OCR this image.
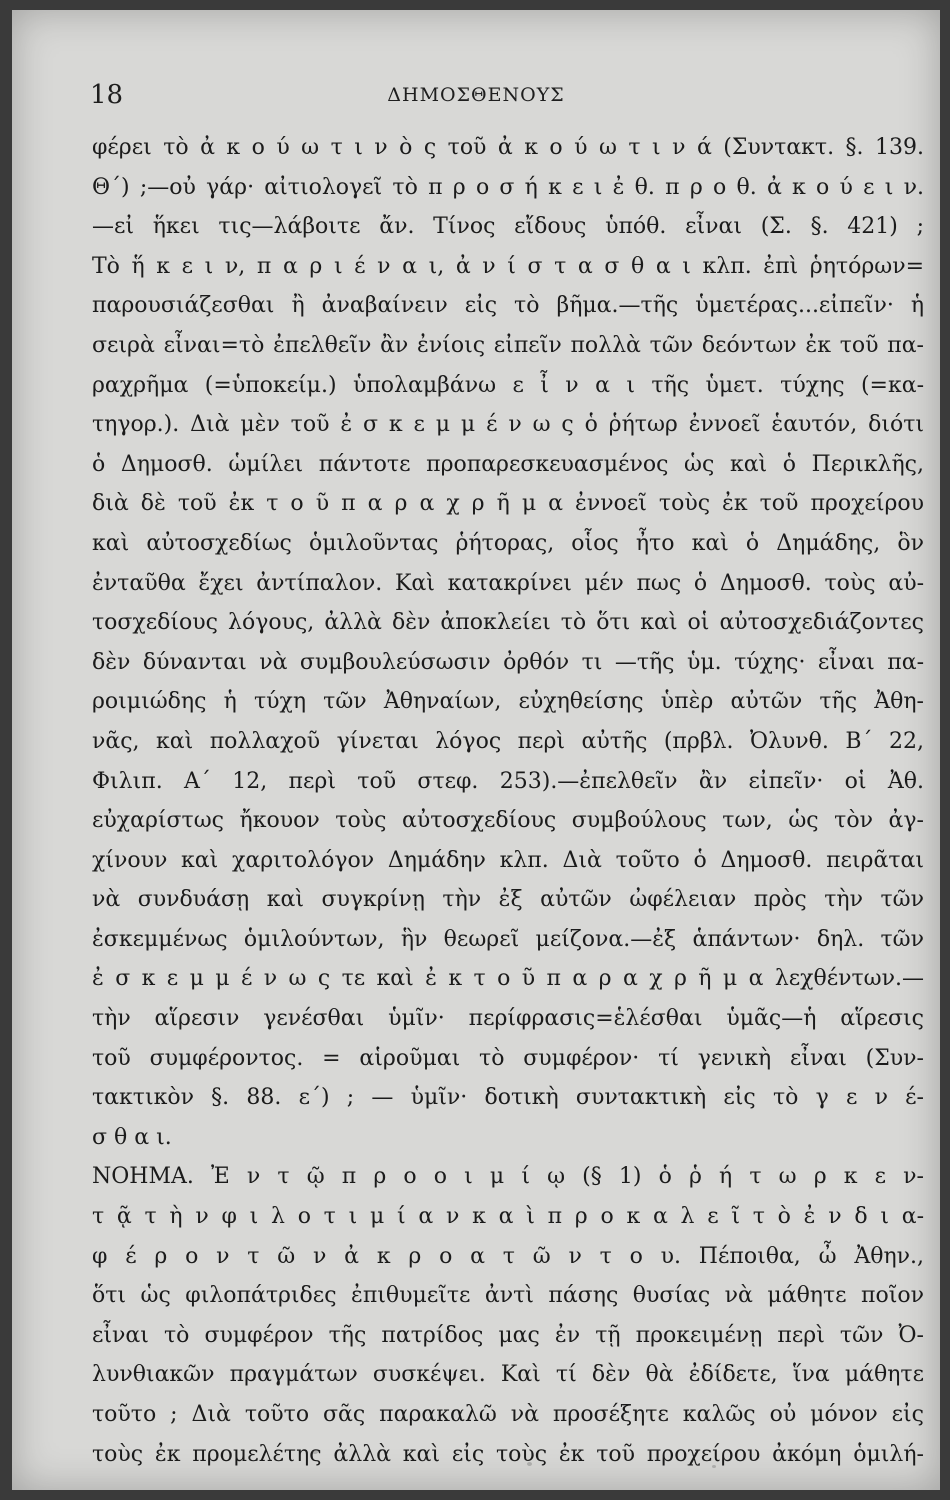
18	ΔΗΜΟΣΘΕΝΟΥΣ
φέρει τὸ ἀ κ ο ύ ω τ ι ν ὸ ς τοῦ ἀ κ ο ύ ω τ ι ν ά (Συντακτ. §. 139.
Θ΄) ;—οὐ γάρ· αἰτιολογεῖ τὸ π ρ ο σ ή κ ε ι ἐ θ. π ρ ο θ. ἀ κ ο ύ ε ι ν.
—εἰ ἥκει τις—λάβοιτε ἄν. Τίνος εἴδους ὑπόθ. εἶναι (Σ. §. 421) ;
Τὸ ἥ κ ε ι ν, π α ρ ι έ ν α ι, ἀ ν ί σ τ α σ θ α ι κλπ. ἐπὶ ῥητόρων=
παρουσιάζεσθαι ἢ ἀναβαίνειν εἰς τὸ βῆμα.—τῆς ὑμετέρας...εἰπεῖν· ἡ
σειρὰ εἶναι=τὸ ἐπελθεῖν ἂν ἐνίοις εἰπεῖν πολλὰ τῶν δεόντων ἐκ τοῦ πα-
ραχρῆμα (=ὑποκείμ.) ὑπολαμβάνω ε ἶ ν α ι τῆς ὑμετ. τύχης (=κα-
τηγορ.). Διὰ μὲν τοῦ ἐ σ κ ε μ μ έ ν ω ς ὁ ῥήτωρ ἐννοεῖ ἑαυτόν, διότι
ὁ Δημοσθ. ὡμίλει πάντοτε προπαρεσκευασμένος ὡς καὶ ὁ Περικλῆς,
διὰ δὲ τοῦ ἐκ τ ο ῦ π α ρ α χ ρ ῆ μ α ἐννοεῖ τοὺς ἐκ τοῦ προχείρου
καὶ αὐτοσχεδίως ὁμιλοῦντας ῥήτορας, οἷος ἦτο καὶ ὁ Δημάδης, ὃν
ἐνταῦθα ἔχει ἀντίπαλον. Καὶ κατακρίνει μέν πως ὁ Δημοσθ. τοὺς αὐ-
τοσχεδίους λόγους, ἀλλὰ δὲν ἀποκλείει τὸ ὅτι καὶ οἱ αὐτοσχεδιάζοντες
δὲν δύνανται νὰ συμβουλεύσωσιν ὀρθόν τι —τῆς ὑμ. τύχης· εἶναι πα-
ροιμιώδης ἡ τύχη τῶν Ἀθηναίων, εὐχηθείσης ὑπὲρ αὐτῶν τῆς Ἀθη-
νᾶς, καὶ πολλαχοῦ γίνεται λόγος περὶ αὐτῆς (πρβλ. Ὀλυνθ. Β΄ 22,
Φιλιπ. Α΄ 12, περὶ τοῦ στεφ. 253).—ἐπελθεῖν ἂν εἰπεῖν· οἱ Ἀθ.
εὐχαρίστως ἤκουον τοὺς αὐτοσχεδίους συμβούλους των, ὡς τὸν ἀγ-
χίνουν καὶ χαριτολόγον Δημάδην κλπ. Διὰ τοῦτο ὁ Δημοσθ. πειρᾶται
νὰ συνδυάσῃ καὶ συγκρίνῃ τὴν ἐξ αὐτῶν ὠφέλειαν πρὸς τὴν τῶν
ἐσκεμμένως ὁμιλούντων, ἣν θεωρεῖ μείζονα.—ἐξ ἁπάντων· δηλ. τῶν
ἐ σ κ ε μ μ έ ν ω ς τε καὶ ἐ κ τ ο ῦ π α ρ α χ ρ ῆ μ α λεχθέντων.—
τὴν αἵρεσιν γενέσθαι ὑμῖν· περίφρασις=ἑλέσθαι ὑμᾶς—ἡ αἵρεσις
τοῦ συμφέροντος. = αἱροῦμαι τὸ συμφέρον· τί γενικὴ εἶναι (Συν-
τακτικὸν §. 88. ε΄) ; — ὑμῖν· δοτικὴ συντακτικὴ εἰς τὸ γ ε ν έ-
σ θ α ι.
ΝΟΗΜΑ. Ἐ ν τ ῷ π ρ ο ο ι μ ί ῳ (§ 1) ὁ ῥ ή τ ω ρ κ ε ν-
τ ᾷ τ ὴ ν φ ι λ ο τ ι μ ί α ν κ α ὶ π ρ ο κ α λ ε ῖ τ ὸ ἐ ν δ ι α-
φ έ ρ ο ν τ ῶ ν ἀ κ ρ ο α τ ῶ ν τ ο υ. Πέποιθα, ὦ Ἀθην.,
ὅτι ὡς φιλοπάτριδες ἐπιθυμεῖτε ἀντὶ πάσης θυσίας νὰ μάθητε ποῖον
εἶναι τὸ συμφέρον τῆς πατρίδος μας ἐν τῇ προκειμένῃ περὶ τῶν Ὀ-
λυνθιακῶν πραγμάτων συσκέψει. Καὶ τί δὲν θὰ ἐδίδετε, ἵνα μάθητε
τοῦτο ; Διὰ τοῦτο σᾶς παρακαλῶ νὰ προσέξητε καλῶς οὐ μόνον εἰς
τοὺς ἐκ προμελέτης ἀλλὰ καὶ εἰς τοὺς ἐκ τοῦ προχείρου ἀκόμη ὁμιλή-
